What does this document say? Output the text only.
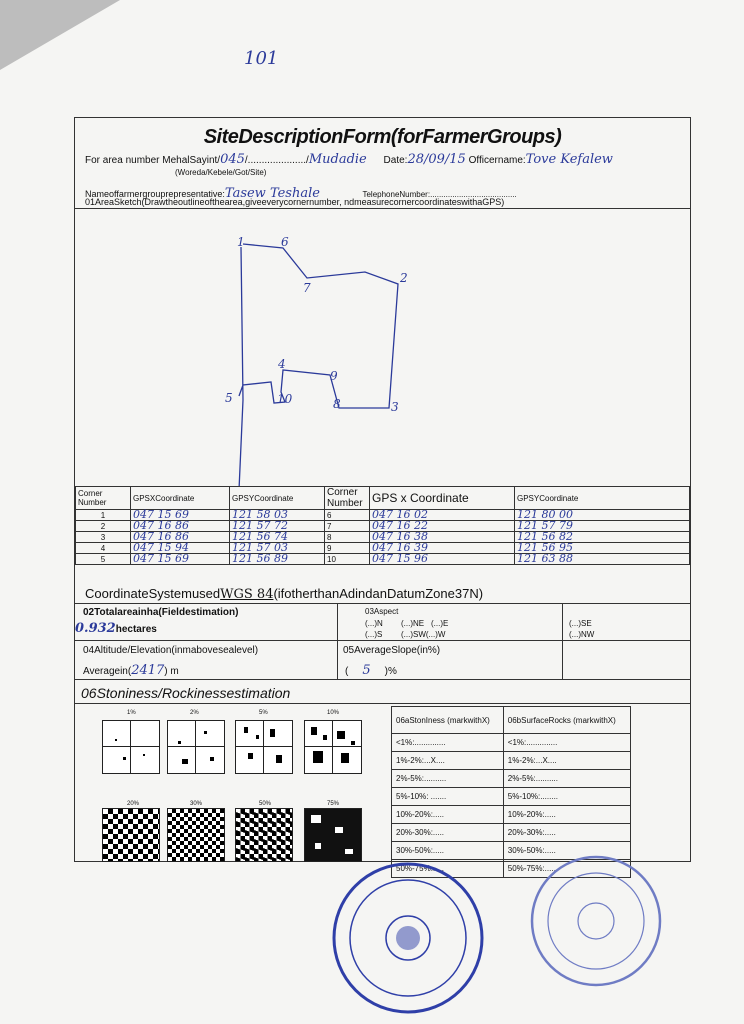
101
SiteDescriptionForm(forFarmerGroups)
For area number MehalSayint/045/...................../Mudadie Date:28/09/15 Officername:Tove Kefalew
(Woreda/Kebele/Got/Site)
Nameoffarmergrouprepresentative:Tasew Teshale	TelephoneNumber:.......................................
01AreaSketch(Drawtheoutlineofthearea,giveeverycornernumber, ndmeasurecornercoordinateswithaGPS)
1	6
7
2
4
9
5	10	8	3
Corner Number	GPSXCoordinate	GPSYCoordinate	Corner Number	GPS x Coordinate	GPSYCoordinate
1	047 15 69	121 58 03	6	047 16 02	121 80 00
2	047 16 86	121 57 72	7	047 16 22	121 57 79
3	047 16 86	121 56 74	8	047 16 38	121 56 82
4	047 15 94	121 57 03	9	047 16 39	121 56 95
5	047 15 69	121 56 89	10	047 15 96	121 63 88
CoordinateSystemusedWGS 84(ifotherthanAdindanDatumZone37N)
02Totalareainha(Fieldestimation)
0.932hectares
03Aspect
(...)N (...)NE (...)E
(...)S (...)SW(...)W
(...)SE
(...)NW
04Altitude/Elevation(inmabovesealevel)
Averagein(2417) m
05AverageSlope(in%)
( 5 )%
06Stoniness/Rockinessestimation
1%	2%	5%	10%
20%	30%	50%	75%
06aStonIness (markwithX)	06bSurfaceRocks (markwithX)
<1%:..............	<1%:..............
1%-2%:...X....	1%-2%:...X....
2%-5%:..........	2%-5%:..........
5%-10%: .......	5%-10%:........
10%-20%:.....	10%-20%:.....
20%-30%:.....	20%-30%:.....
30%-50%:.....	30%-50%:.....
50%-75%:.....	50%-75%:.....
